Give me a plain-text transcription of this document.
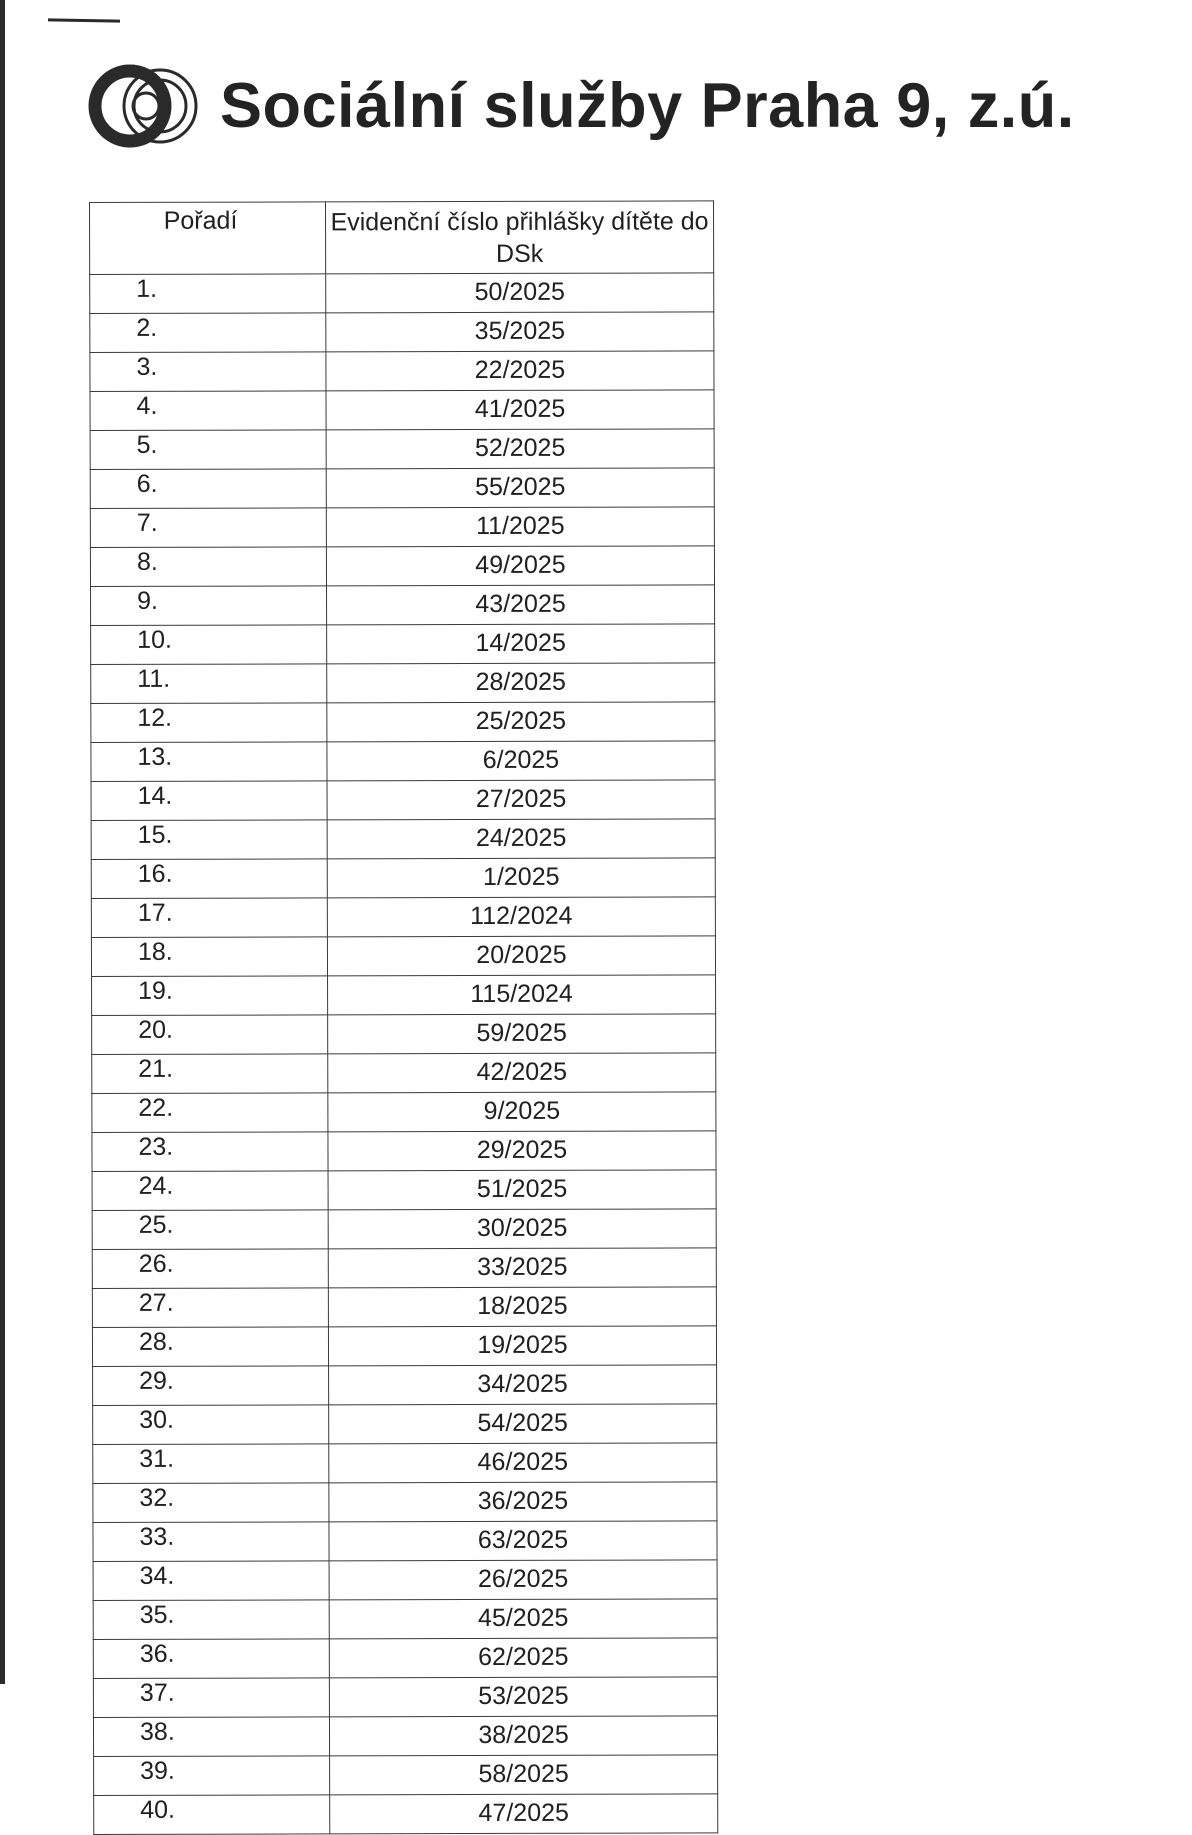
Sociální služby Praha 9, z.ú.
Pořadí	Evidenční číslo přihlášky dítěte do DSk
1.	50/2025
2.	35/2025
3.	22/2025
4.	41/2025
5.	52/2025
6.	55/2025
7.	11/2025
8.	49/2025
9.	43/2025
10.	14/2025
11.	28/2025
12.	25/2025
13.	6/2025
14.	27/2025
15.	24/2025
16.	1/2025
17.	112/2024
18.	20/2025
19.	115/2024
20.	59/2025
21.	42/2025
22.	9/2025
23.	29/2025
24.	51/2025
25.	30/2025
26.	33/2025
27.	18/2025
28.	19/2025
29.	34/2025
30.	54/2025
31.	46/2025
32.	36/2025
33.	63/2025
34.	26/2025
35.	45/2025
36.	62/2025
37.	53/2025
38.	38/2025
39.	58/2025
40.	47/2025
